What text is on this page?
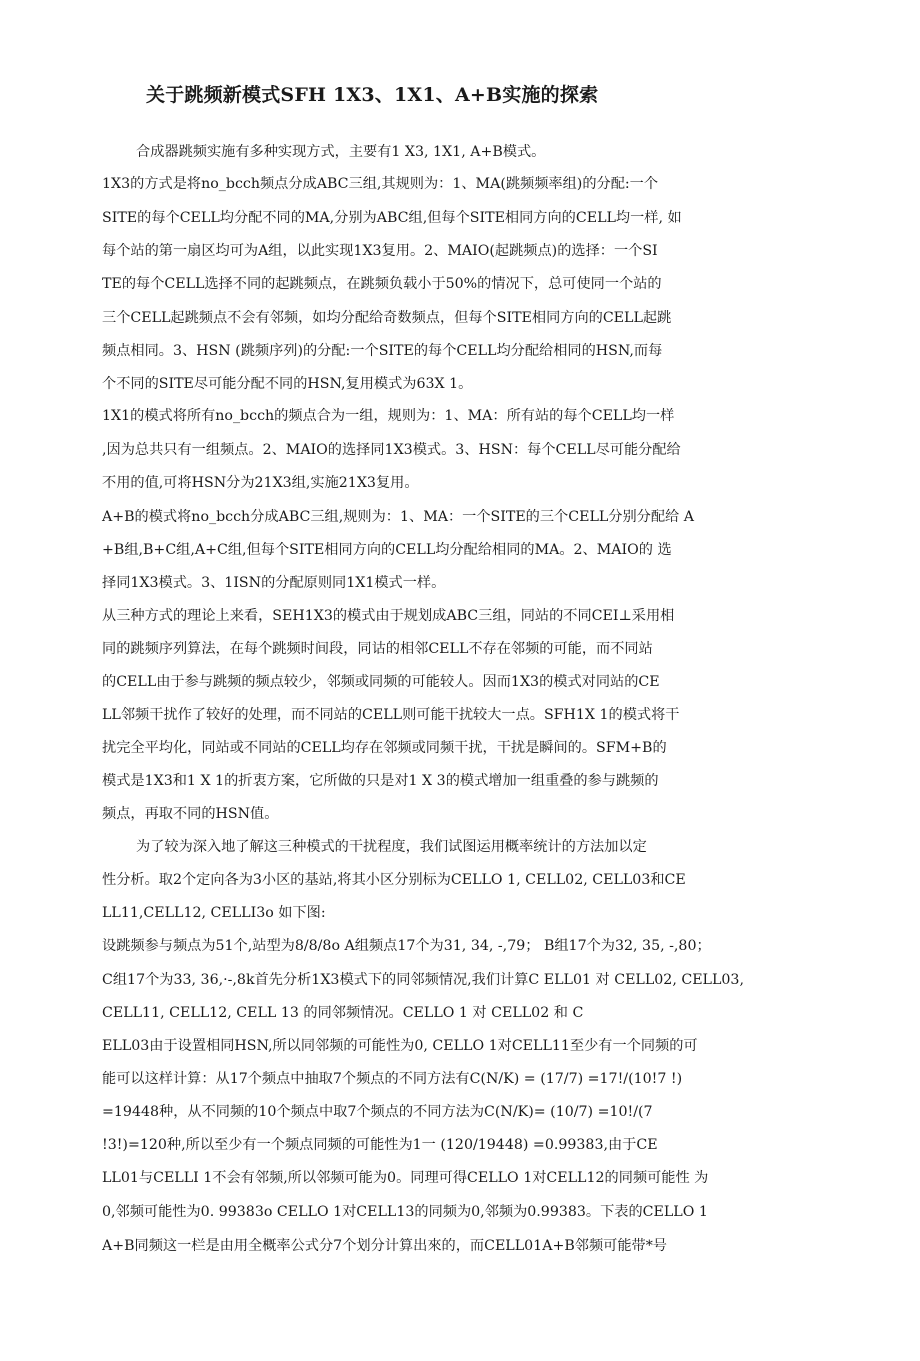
关于跳频新模式SFH 1X3、1X1、A+B实施的探索
合成器跳频实施有多种实现方式，主要有1 X3, 1X1, A+B模式。
1X3的方式是将no_bcch频点分成ABC三组,其规则为：1、MA(跳频频率组)的分配:一个
SITE的每个CELL均分配不同的MA,分别为ABC组,但每个SITE相同方向的CELL均一样, 如
每个站的第一扇区均可为A组，以此实现1X3复用。2、MAIO(起跳频点)的选择：一个SI
TE的每个CELL选择不同的起跳频点，在跳频负载小于50%的情况下，总可使同一个站的
三个CELL起跳频点不会有邻频，如均分配给奇数频点，但每个SITE相同方向的CELL起跳
频点相同。3、HSN (跳频序列)的分配:一个SITE的每个CELL均分配给相同的HSN,而每
个不同的SITE尽可能分配不同的HSN,复用模式为63X 1。
1X1的模式将所有no_bcch的频点合为一组，规则为：1、MA：所有站的每个CELL均一样
,因为总共只有一组频点。2、MAIO的选择同1X3模式。3、HSN：每个CELL尽可能分配给
不用的值,可将HSN分为21X3组,实施21X3复用。
A+B的模式将no_bcch分成ABC三组,规则为：1、MA：一个SITE的三个CELL分别分配给 A
+B组,B+C组,A+C组,但每个SITE相同方向的CELL均分配给相同的MA。2、MAIO的 选
择同1X3模式。3、1ISN的分配原则同1X1模式一样。
从三种方式的理论上来看，SEH1X3的模式由于规划成ABC三组，同站的不同CEI⊥采用相
同的跳频序列算法，在每个跳频时间段，同诂的相邻CELL不存在邻频的可能，而不同站
的CELL由于参与跳频的频点较少，邻频或同频的可能较人。因而1X3的模式对同站的CE
LL邻频干扰作了较好的处理，而不同站的CELL则可能干扰较大一点。SFH1X 1的模式将干
扰完全平均化，同站或不同站的CELL均存在邻频或同频干扰，干扰是瞬间的。SFM+B的
模式是1X3和1 X 1的折衷方案，它所做的只是对1 X 3的模式增加一组重叠的参与跳频的
频点，再取不同的HSN值。
为了较为深入地了解这三种模式的干扰程度，我们试图运用概率统计的方法加以定
性分析。取2个定向各为3小区的基站,将其小区分别标为CELLO 1, CELL02, CELL03和CE
LL11,CELL12, CELLI3o 如下图:
设跳频参与频点为51个,站型为8/8/8o A组频点17个为31, 34, -,79； B组17个为32, 35, -,80；
C组17个为33, 36,·-,8k首先分析1X3模式下的同邻频情况,我们计算C ELL01 对 CELL02, CELL03,
CELL11, CELL12, CELL 13 的同邻频情况。CELLO 1 对 CELL02 和 C
ELL03由于设置相同HSN,所以同邻频的可能性为0, CELLO 1对CELL11至少有一个同频的可
能可以这样计算：从17个频点中抽取7个频点的不同方法有C(N/K) = (17/7) =17!/(10!7 !)
=19448种，从不同频的10个频点中取7个频点的不同方法为C(N/K)= (10/7) =10!/(7
!3!)=120种,所以至少有一个频点同频的可能性为1一 (120/19448) =0.99383,由于CE
LL01与CELLI 1不会有邻频,所以邻频可能为0。同理可得CELLO 1对CELL12的同频可能性 为
0,邻频可能性为0. 99383o CELLO 1对CELL13的同频为0,邻频为0.99383。下表的CELLO 1
A+B同频这一栏是由用全概率公式分7个划分计算出來的，而CELL01A+B邻频可能带*号
